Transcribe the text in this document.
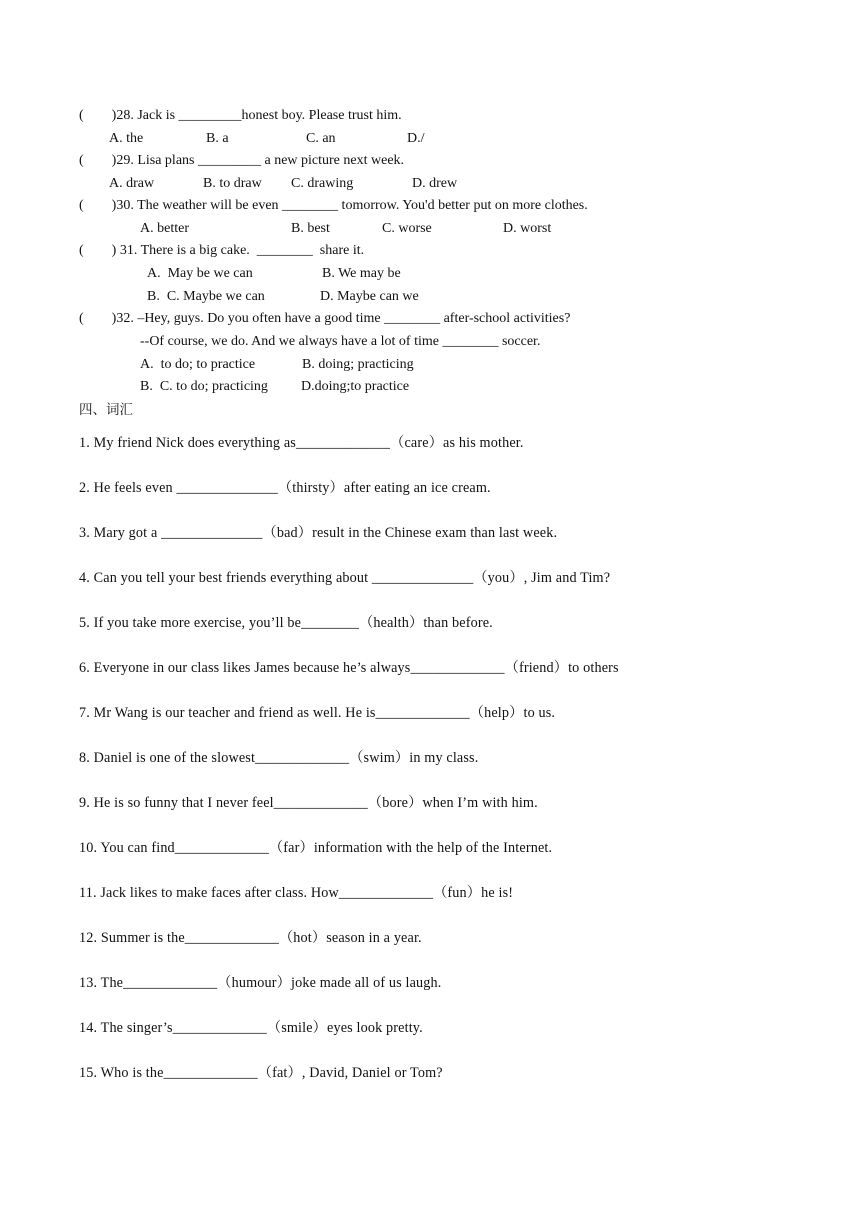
(        )28. Jack is _________honest boy. Please trust him.
A. the	B. a	C. an	D./
(        )29. Lisa plans _________ a new picture next week.
A. draw	B. to draw C. drawing	D. drew
(        )30. The weather will be even ________ tomorrow. You'd better put on more clothes.
A. better	B. best	C. worse	D. worst
(        ) 31. There is a big cake.  ________  share it.
A.  May be we can	B. We may be
B.  C. Maybe we can	D. Maybe can we
(        )32. –Hey, guys. Do you often have a good time ________ after-school activities?
--Of course, we do. And we always have a lot of time ________ soccer.
A.  to do; to practice	B. doing; practicing
B.  C. to do; practicing D.doing;to practice
四、词汇
1. My friend Nick does everything as_____________（care）as his mother.
2. He feels even ______________（thirsty）after eating an ice cream.
3. Mary got a ______________（bad）result in the Chinese exam than last week.
4. Can you tell your best friends everything about ______________（you）, Jim and Tim?
5. If you take more exercise, you’ll be________（health）than before.
6. Everyone in our class likes James because he’s always_____________（friend）to others
7. Mr Wang is our teacher and friend as well. He is_____________（help）to us.
8. Daniel is one of the slowest_____________（swim）in my class.
9. He is so funny that I never feel_____________（bore）when I’m with him.
10. You can find_____________（far）information with the help of the Internet.
11. Jack likes to make faces after class. How_____________（fun）he is!
12. Summer is the_____________（hot）season in a year.
13. The_____________（humour）joke made all of us laugh.
14. The singer’s_____________（smile）eyes look pretty.
15. Who is the_____________（fat）, David, Daniel or Tom?
